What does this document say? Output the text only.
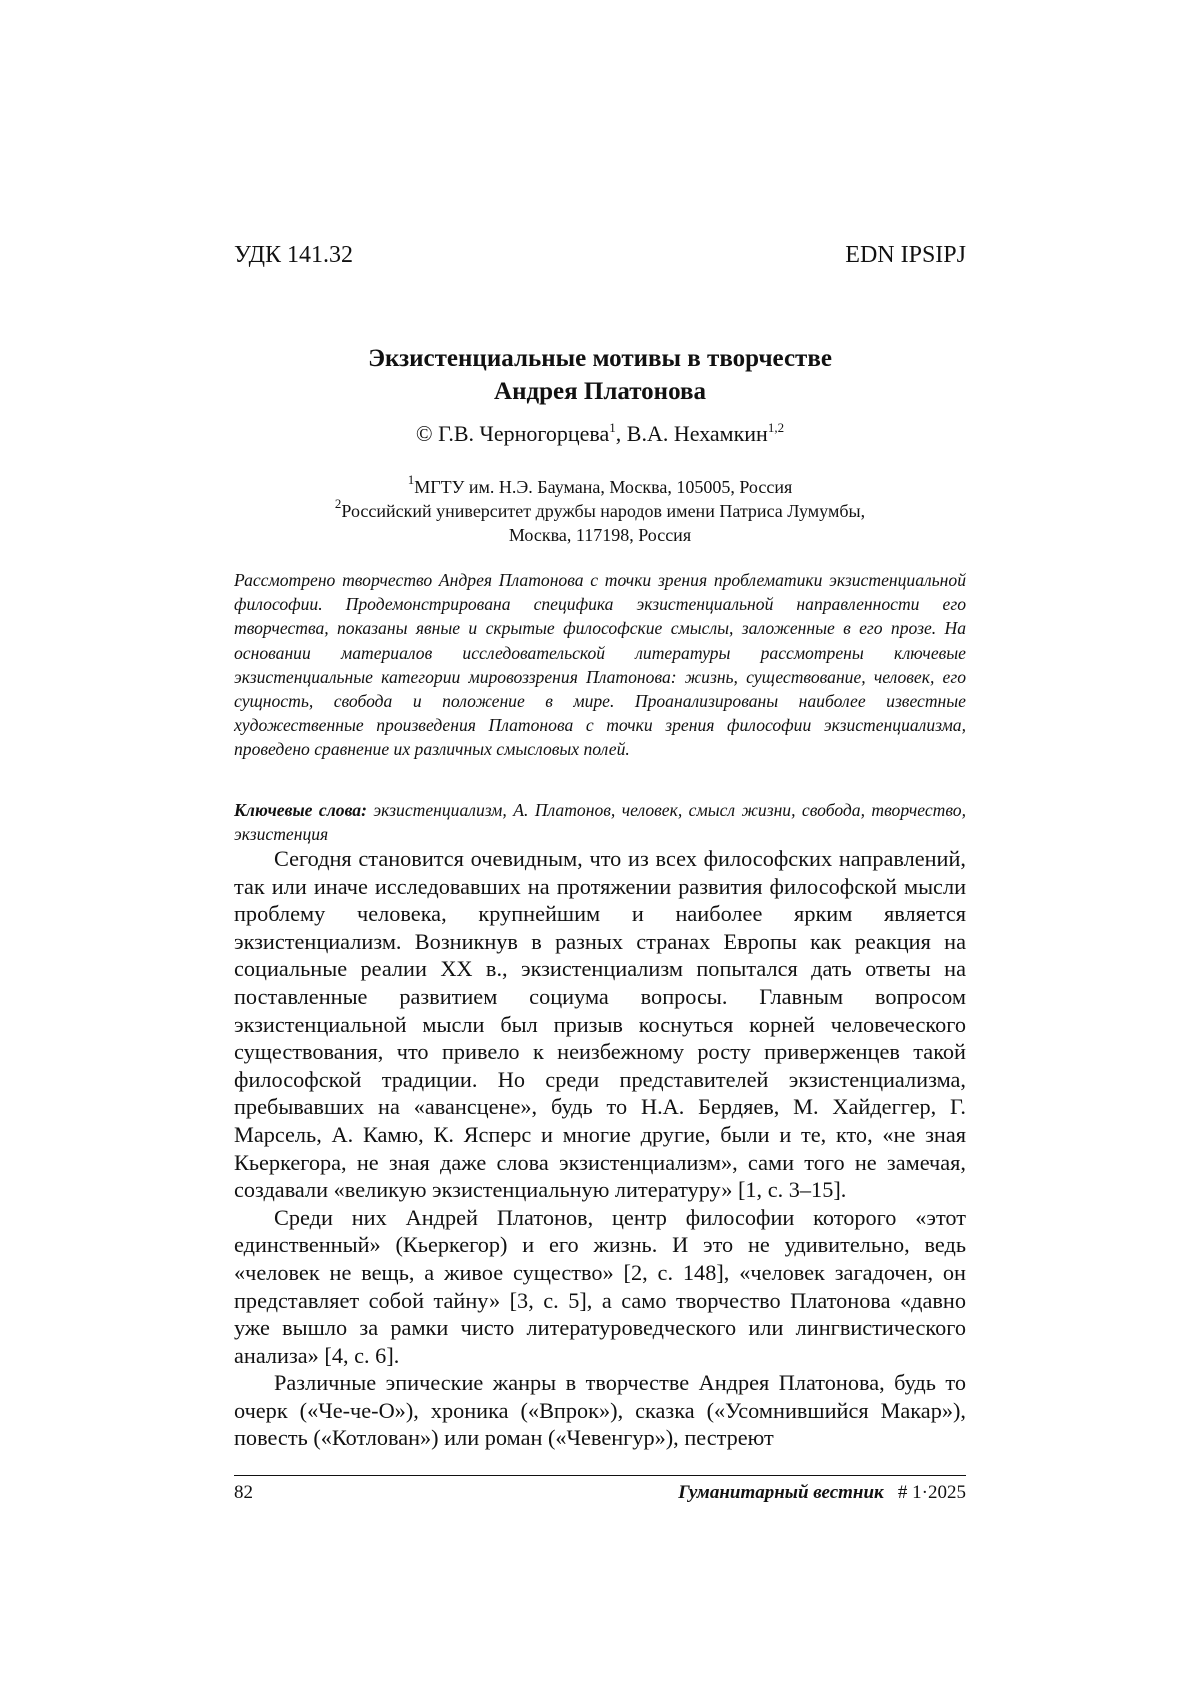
УДК 141.32	EDN IPSIPJ
Экзистенциальные мотивы в творчестве
Андрея Платонова
© Г.В. Черногорцева$^1$, В.А. Нехамкин$^{1,2}$
$^1$МГТУ им. Н.Э. Баумана, Москва, 105005, Россия
$^2$Российский университет дружбы народов имени Патриса Лумумбы,
Москва, 117198, Россия

Рассмотрено творчество Андрея Платонова с точки зрения проблематики экзистенциальной философии. Продемонстрирована специфика экзистенциальной направленности его творчества, показаны явные и скрытые философские смыслы, заложенные в его прозе. На основании материалов исследовательской литературы рассмотрены ключевые экзистенциальные категории мировоззрения Платонова: жизнь, существование, человек, его сущность, свобода и положение в мире. Проанализированы наиболее известные художественные произведения Платонова с точки зрения философии экзистенциализма, проведено сравнение их различных смысловых полей.

Ключевые слова: экзистенциализм, А. Платонов, человек, смысл жизни, свобода, творчество, экзистенция

Сегодня становится очевидным, что из всех философских направлений, так или иначе исследовавших на протяжении развития философской мысли проблему человека, крупнейшим и наиболее ярким является экзистенциализм. Возникнув в разных странах Европы как реакция на социальные реалии XX в., экзистенциализм попытался дать ответы на поставленные развитием социума вопросы. Главным вопросом экзистенциальной мысли был призыв коснуться корней человеческого существования, что привело к неизбежному росту приверженцев такой философской традиции. Но среди представителей экзистенциализма, пребывавших на «авансцене», будь то Н.А. Бердяев, М. Хайдеггер, Г. Марсель, А. Камю, К. Ясперс и многие другие, были и те, кто, «не зная Кьеркегора, не зная даже слова экзистенциализм», сами того не замечая, создавали «великую экзистенциальную литературу» [1, с. 3–15].

Среди них Андрей Платонов, центр философии которого «этот единственный» (Кьеркегор) и его жизнь. И это не удивительно, ведь «человек не вещь, а живое существо» [2, с. 148], «человек загадочен, он представляет собой тайну» [3, с. 5], а само творчество Платонова «давно уже вышло за рамки чисто литературоведческого или лингвистического анализа» [4, с. 6].

Различные эпические жанры в творчестве Андрея Платонова, будь то очерк («Че-че-О»), хроника («Впрок»), сказка («Усомнившийся Макар»), повесть («Котлован») или роман («Чевенгур»), пестреют

82	Гуманитарный вестник # 1·2025
